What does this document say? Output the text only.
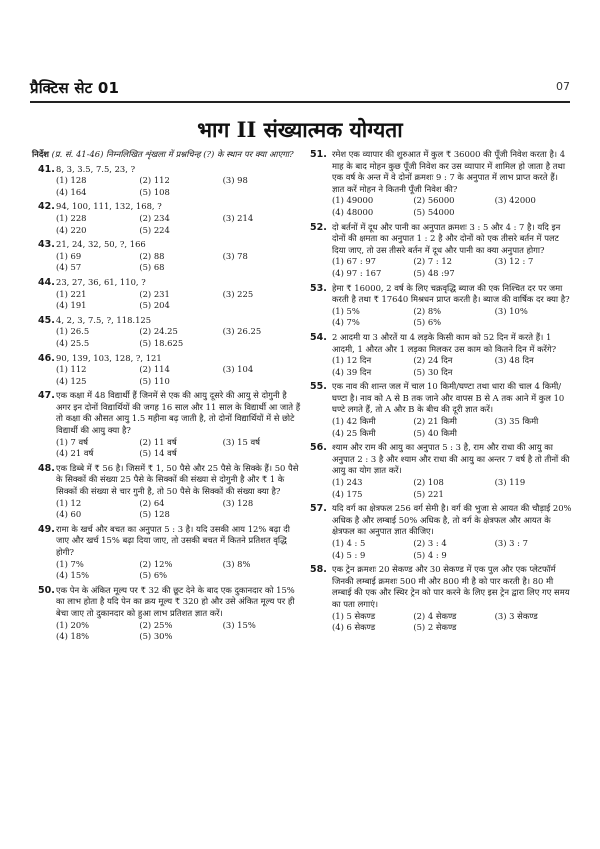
प्रैक्टिस सेट 01	07
भाग II संख्यात्मक योग्यता
निर्देश (प्र. सं. 41-46) निम्नलिखित शृंखला में प्रश्नचिन्ह (?) के स्थान पर क्या आएगा?
41. 8, 3, 3.5, 7.5, 23, ?
(1) 128	(2) 112	(3) 98
(4) 164	(5) 108
42. 94, 100, 111, 132, 168, ?
(1) 228	(2) 234	(3) 214
(4) 220	(5) 224
43. 21, 24, 32, 50, ?, 166
(1) 69	(2) 88	(3) 78
(4) 57	(5) 68
44. 23, 27, 36, 61, 110, ?
(1) 221	(2) 231	(3) 225
(4) 191	(5) 204
45. 4, 2, 3, 7.5, ?, 118.125
(1) 26.5	(2) 24.25	(3) 26.25
(4) 25.5	(5) 18.625
46. 90, 139, 103, 128, ?, 121
(1) 112	(2) 114	(3) 104
(4) 125	(5) 110
47. एक कक्षा में 48 विद्यार्थी हैं जिनमें से एक की आयु दूसरे की आयु से दोगुनी है अगर इन दोनों विद्यार्थियों की जगह 16 साल और 11 साल के विद्यार्थी आ जाते हैं तो कक्षा की औसत आयु 1.5 महीना बढ़ जाती है, तो दोनों विद्यार्थियों में से छोटे विद्यार्थी की आयु क्या है?
(1) 7 वर्ष	(2) 11 वर्ष	(3) 15 वर्ष
(4) 21 वर्ष	(5) 14 वर्ष
48. एक डिब्बे में ₹ 56 है। जिसमें ₹ 1, 50 पैसे और 25 पैसे के सिक्के हैं। 50 पैसे के सिक्कों की संख्या 25 पैसे के सिक्कों की संख्या से दोगुनी है और ₹ 1 के सिक्कों की संख्या से चार गुनी है, तो 50 पैसे के सिक्कों की संख्या क्या है?
(1) 12	(2) 64	(3) 128
(4) 60	(5) 128
49. रामा के खर्च और बचत का अनुपात 5 : 3 है। यदि उसकी आय 12% बढ़ा दी जाए और खर्च 15% बढ़ा दिया जाए, तो उसकी बचत में कितने प्रतिशत वृद्धि होगी?
(1) 7%	(2) 12%	(3) 8%
(4) 15%	(5) 6%
50. एक पेन के अंकित मूल्य पर ₹ 32 की छूट देने के बाद एक दुकानदार को 15% का लाभ होता है यदि पेन का क्रय मूल्य ₹ 320 हो और उसे अंकित मूल्य पर ही बेचा जाए तो दुकानदार को हुआ लाभ प्रतिशत ज्ञात करें।
(1) 20%	(2) 25%	(3) 15%
(4) 18%	(5) 30%
51. रमेश एक व्यापार की शुरुआत में कुल ₹ 36000 की पूँजी निवेश करता है। 4 माह के बाद मोहन कुछ पूँजी निवेश कर उस व्यापार में शामिल हो जाता है तथा एक वर्ष के अन्त में वे दोनों क्रमशः 9 : 7 के अनुपात में लाभ प्राप्त करते हैं। ज्ञात करें मोहन ने कितनी पूँजी निवेश की?
(1) 49000	(2) 56000	(3) 42000
(4) 48000	(5) 54000
52. दो बर्तनों में दूध और पानी का अनुपात क्रमशः 3 : 5 और 4 : 7 है। यदि इन दोनों की क्षमता का अनुपात 1 : 2 है और दोनों को एक तीसरे बर्तन में पलट दिया जाए, तो उस तीसरे बर्तन में दूध और पानी का क्या अनुपात होगा?
(1) 67 : 97	(2) 7 : 12	(3) 12 : 7
(4) 97 : 167	(5) 48 :97
53. हेमा ₹ 16000, 2 वर्ष के लिए चक्रवृद्धि ब्याज की एक निश्चित दर पर जमा करती है तथा ₹ 17640 मिश्रधन प्राप्त करती है। ब्याज की वार्षिक दर क्या है?
(1) 5%	(2) 8%	(3) 10%
(4) 7%	(5) 6%
54. 2 आदमी या 3 औरतें या 4 लड़के किसी काम को 52 दिन में करते हैं। 1 आदमी, 1 औरत और 1 लड़का मिलकर उस काम को कितने दिन में करेंगे?
(1) 12 दिन	(2) 24 दिन	(3) 48 दिन
(4) 39 दिन	(5) 30 दिन
55. एक नाव की शान्त जल में चाल 10 किमी/घण्टा तथा धारा की चाल 4 किमी/घण्टा है। नाव को A से B तक जाने और वापस B से A तक आने में कुल 10 घण्टे लगते हैं, तो A और B के बीच की दूरी ज्ञात करें।
(1) 42 किमी	(2) 21 किमी	(3) 35 किमी
(4) 25 किमी	(5) 40 किमी
56. श्याम और राम की आयु का अनुपात 5 : 3 है, राम और राधा की आयु का अनुपात 2 : 3 है और श्याम और राधा की आयु का अन्तर 7 वर्ष है तो तीनों की आयु का योग ज्ञात करें।
(1) 243	(2) 108	(3) 119
(4) 175	(5) 221
57. यदि वर्ग का क्षेत्रफल 256 वर्ग सेमी है। वर्ग की भुजा से आयत की चौड़ाई 20% अधिक है और लम्बाई 50% अधिक है, तो वर्ग के क्षेत्रफल और आयत के क्षेत्रफल का अनुपात ज्ञात कीजिए।
(1) 4 : 5	(2) 3 : 4	(3) 3 : 7
(4) 5 : 9	(5) 4 : 9
58. एक ट्रेन क्रमशः 20 सेकण्ड और 30 सेकण्ड में एक पुल और एक प्लेटफॉर्म जिनकी लम्बाई क्रमशः 500 मी और 800 मी है को पार करती है। 80 मी लम्बाई की एक और स्थिर ट्रेन को पार करने के लिए इस ट्रेन द्वारा लिए गए समय का पता लगाएं।
(1) 5 सेकण्ड	(2) 4 सेकण्ड	(3) 3 सेकण्ड
(4) 6 सेकण्ड	(5) 2 सेकण्ड
